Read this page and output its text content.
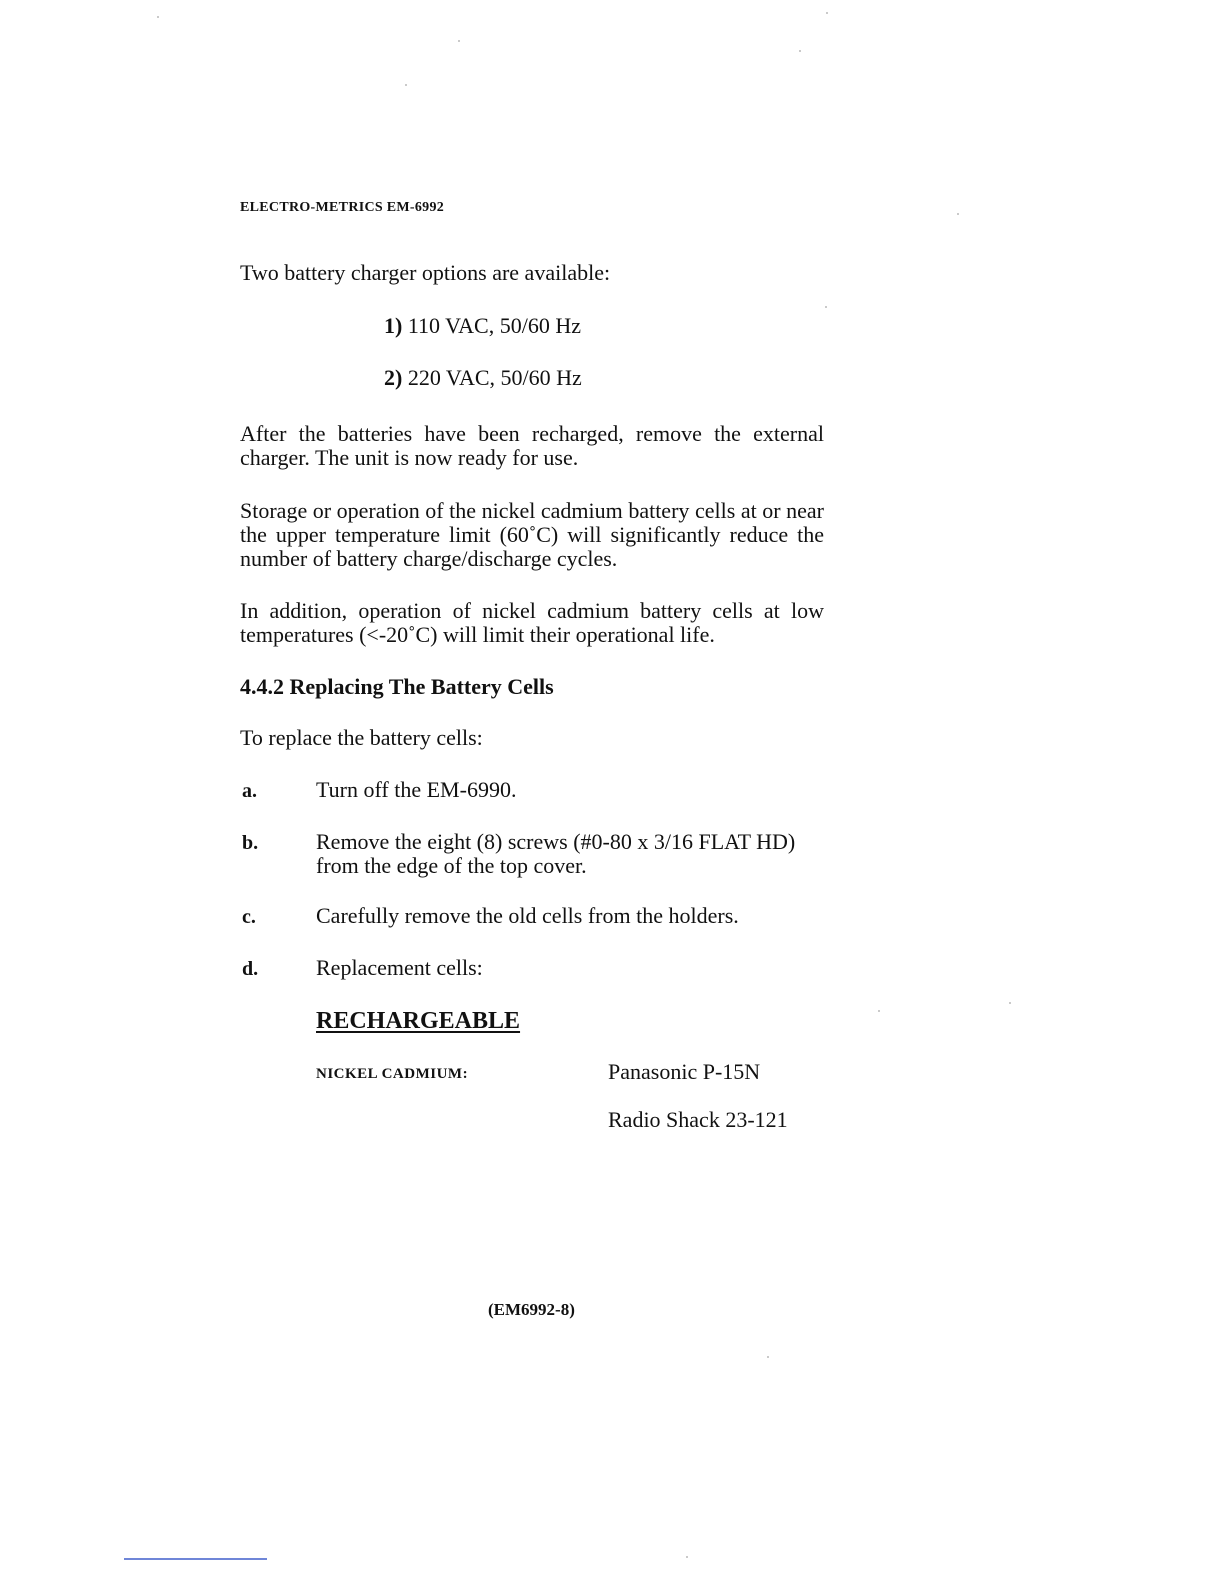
ELECTRO-METRICS EM-6992
Two battery charger options are available:
1) 110 VAC, 50/60 Hz
2) 220 VAC, 50/60 Hz
After the batteries have been recharged, remove the external charger. The unit is now ready for use.
Storage or operation of the nickel cadmium battery cells at or near the upper temperature limit (60˚C) will significantly reduce the number of battery charge/discharge cycles.
In addition, operation of nickel cadmium battery cells at low temperatures (<-20˚C) will limit their operational life.
4.4.2 Replacing The Battery Cells
To replace the battery cells:
a.	Turn off the EM-6990.
b.	Remove the eight (8) screws (#0-80 x 3/16 FLAT HD) from the edge of the top cover.
c.	Carefully remove the old cells from the holders.
d.	Replacement cells:
RECHARGEABLE
NICKEL CADMIUM:	Panasonic P-15N
Radio Shack 23-121
(EM6992-8)
